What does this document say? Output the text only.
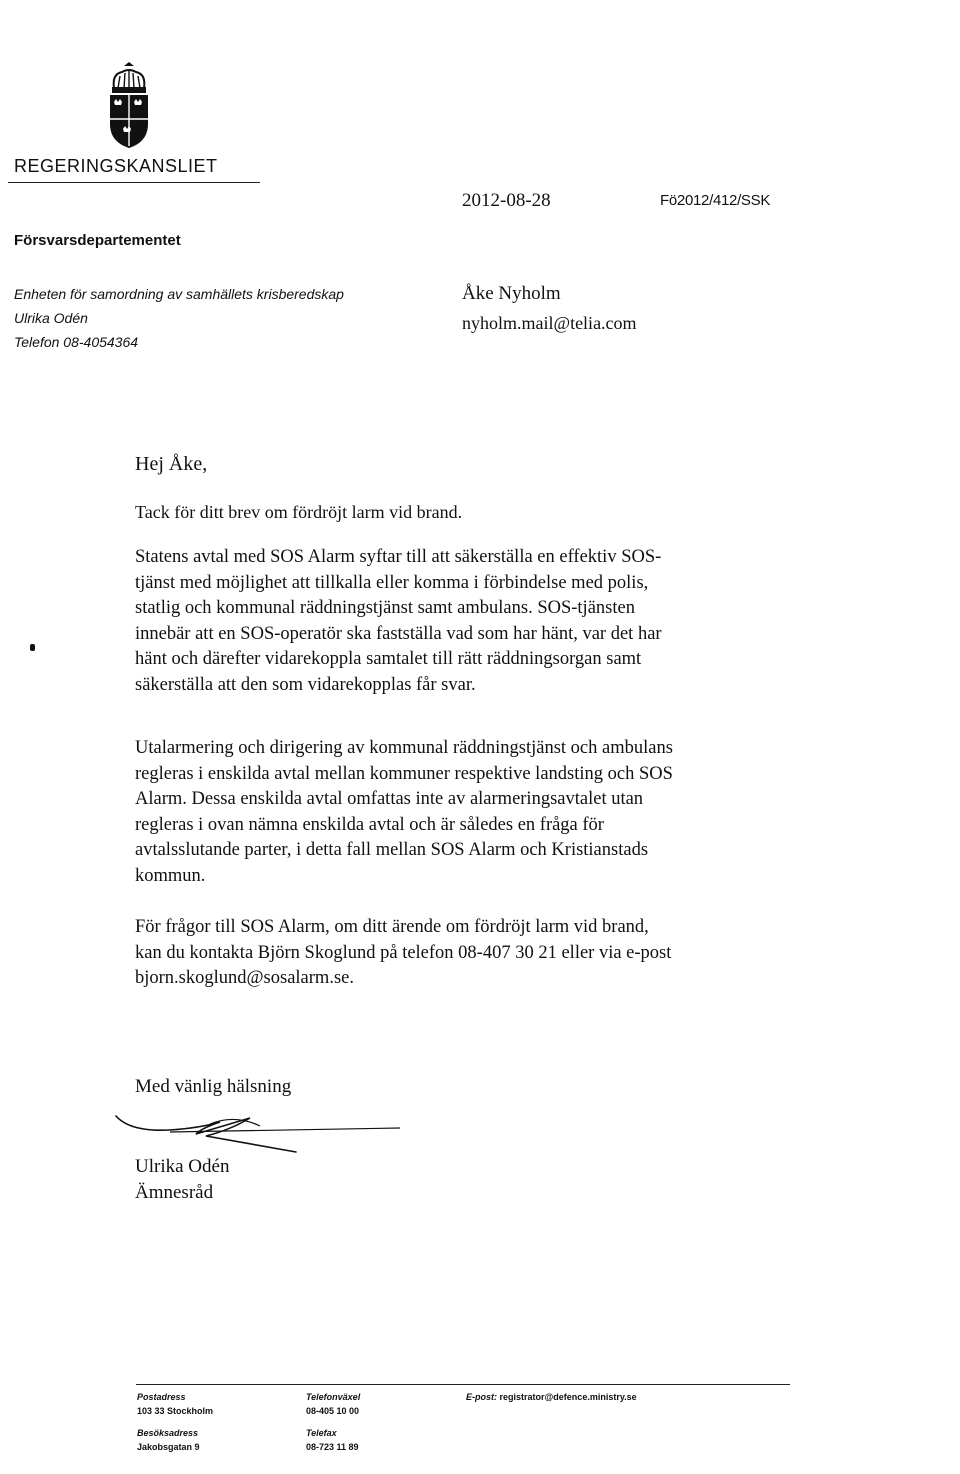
REGERINGSKANSLIET
2012-08-28	Fö2012/412/SSK
Försvarsdepartementet
Enheten för samordning av samhällets krisberedskap
Ulrika Odén
Telefon 08-4054364
Åke Nyholm
nyholm.mail@telia.com
Hej Åke,
Tack för ditt brev om fördröjt larm vid brand.
Statens avtal med SOS Alarm syftar till att säkerställa en effektiv SOS-
tjänst med möjlighet att tillkalla eller komma i förbindelse med polis,
statlig och kommunal räddningstjänst samt ambulans. SOS-tjänsten
innebär att en SOS-operatör ska fastställa vad som har hänt, var det har
hänt och därefter vidarekoppla samtalet till rätt räddningsorgan samt
säkerställa att den som vidarekopplas får svar.
Utalarmering och dirigering av kommunal räddningstjänst och ambulans
regleras i enskilda avtal mellan kommuner respektive landsting och SOS
Alarm. Dessa enskilda avtal omfattas inte av alarmeringsavtalet utan
regleras i ovan nämna enskilda avtal och är således en fråga för
avtalsslutande parter, i detta fall mellan SOS Alarm och Kristianstads
kommun.
För frågor till SOS Alarm, om ditt ärende om fördröjt larm vid brand,
kan du kontakta Björn Skoglund på telefon 08-407 30 21 eller via e-post
bjorn.skoglund@sosalarm.se.
Med vänlig hälsning
Ulrika Odén
Ämnesråd
Postadress
103 33 Stockholm
Besöksadress
Jakobsgatan 9
Telefonväxel
08-405 10 00
Telefax
08-723 11 89
E-post: registrator@defence.ministry.se
